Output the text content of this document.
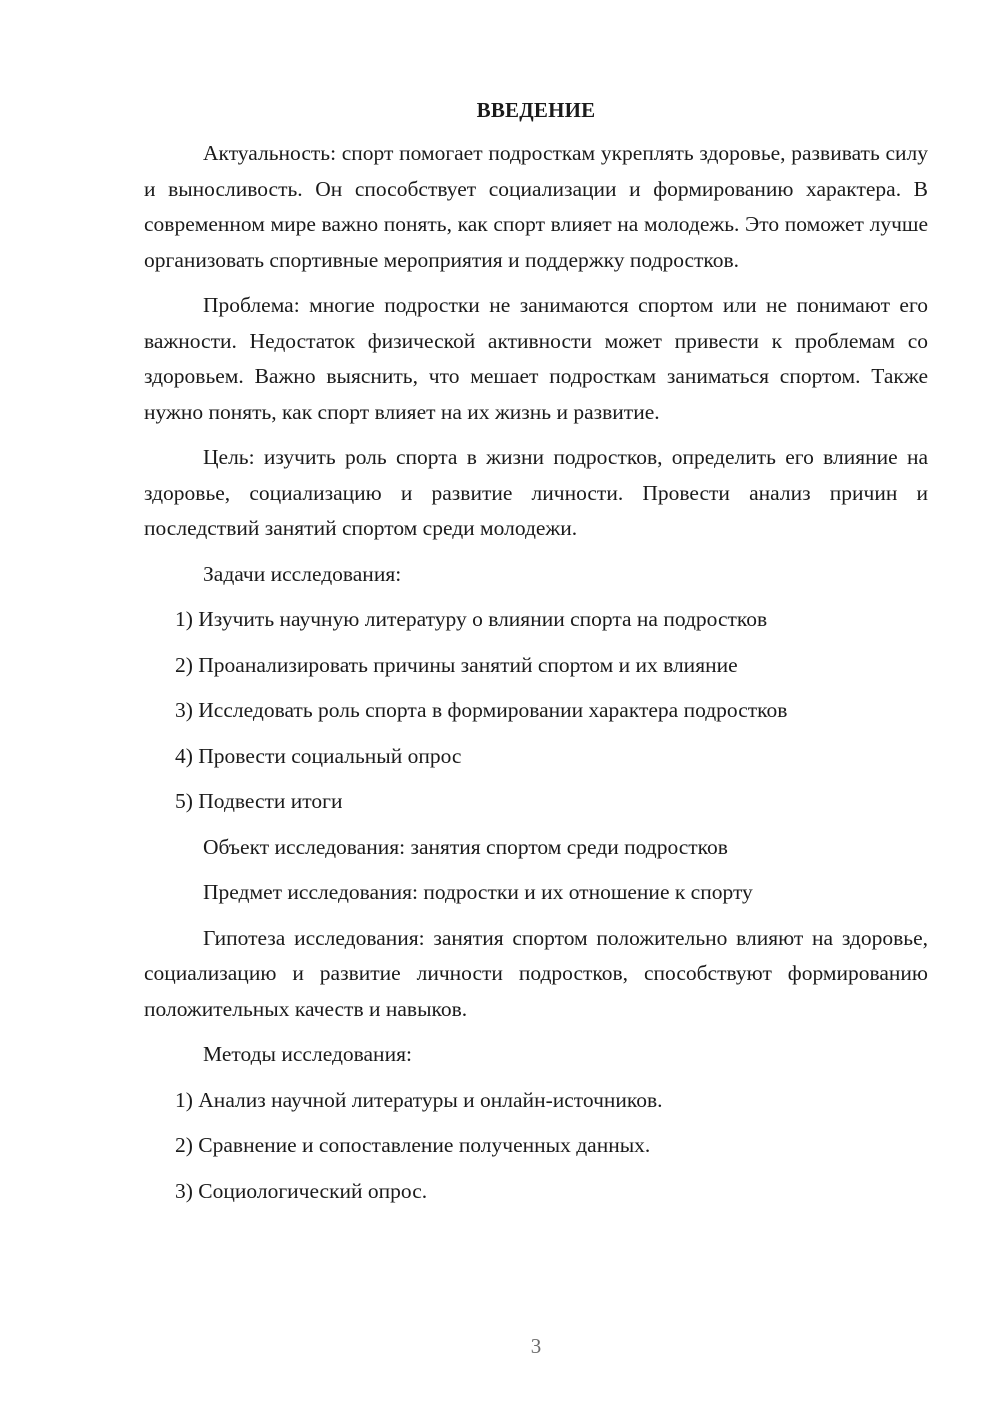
ВВЕДЕНИЕ

Актуальность: спорт помогает подросткам укреплять здоровье, развивать силу и выносливость. Он способствует социализации и формированию характера. В современном мире важно понять, как спорт влияет на молодежь. Это поможет лучше организовать спортивные мероприятия и поддержку подростков.

Проблема: многие подростки не занимаются спортом или не понимают его важности. Недостаток физической активности может привести к проблемам со здоровьем. Важно выяснить, что мешает подросткам заниматься спортом. Также нужно понять, как спорт влияет на их жизнь и развитие.

Цель: изучить роль спорта в жизни подростков, определить его влияние на здоровье, социализацию и развитие личности. Провести анализ причин и последствий занятий спортом среди молодежи.

Задачи исследования:

1) Изучить научную литературу о влиянии спорта на подростков
2) Проанализировать причины занятий спортом и их влияние
3) Исследовать роль спорта в формировании характера подростков
4) Провести социальный опрос
5) Подвести итоги

Объект исследования: занятия спортом среди подростков

Предмет исследования: подростки и их отношение к спорту

Гипотеза исследования: занятия спортом положительно влияют на здоровье, социализацию и развитие личности подростков, способствуют формированию положительных качеств и навыков.

Методы исследования:

1) Анализ научной литературы и онлайн-источников.
2) Сравнение и сопоставление полученных данных.
3) Социологический опрос.
3
